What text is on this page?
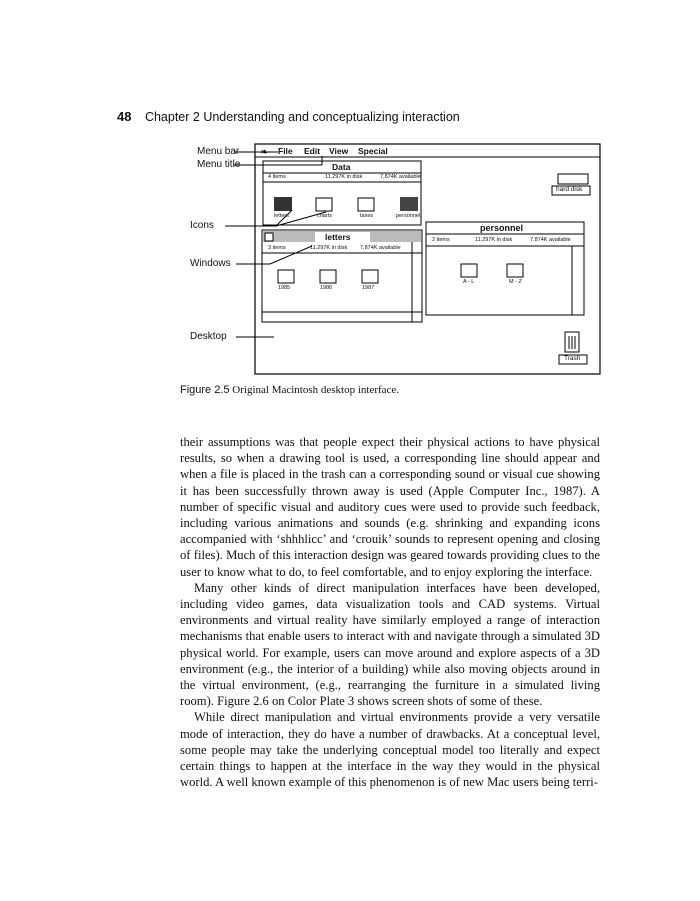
48 Chapter 2 Understanding and conceptualizing interaction
❧
Menu bar
Menu title
Icons
Windows
Desktop
File Edit View Special
Data
4 items	11,297K in disk	7,874K available
letters	charts	taxes	personnel
letters
3 items	11,297K in disk 7,874K available
1985	1986	1987
personnel
2 items	11,297K in disk	7,874K available
A - L	M - Z
hard disk
Trash
Figure 2.5 Original Macintosh desktop interface.

their assumptions was that people expect their physical actions to have physical results, so when a drawing tool is used, a corresponding line should appear and when a file is placed in the trash can a corresponding sound or visual cue showing it has been successfully thrown away is used (Apple Computer Inc., 1987). A number of specific visual and auditory cues were used to provide such feedback, including various animations and sounds (e.g. shrinking and expanding icons accompanied with ‘shhhlicc’ and ‘crouik’ sounds to represent opening and closing of files). Much of this interaction design was geared towards providing clues to the user to know what to do, to feel comfortable, and to enjoy exploring the interface.

Many other kinds of direct manipulation interfaces have been developed, including video games, data visualization tools and CAD systems. Virtual environments and virtual reality have similarly employed a range of interaction mechanisms that enable users to interact with and navigate through a simulated 3D physical world. For example, users can move around and explore aspects of a 3D environment (e.g., the interior of a building) while also moving objects around in the virtual environment, (e.g., rearranging the furniture in a simulated living room). Figure 2.6 on Color Plate 3 shows screen shots of some of these.

While direct manipulation and virtual environments provide a very versatile mode of interaction, they do have a number of drawbacks. At a conceptual level, some people may take the underlying conceptual model too literally and expect certain things to happen at the interface in the way they would in the physical world. A well known example of this phenomenon is of new Mac users being terri-
